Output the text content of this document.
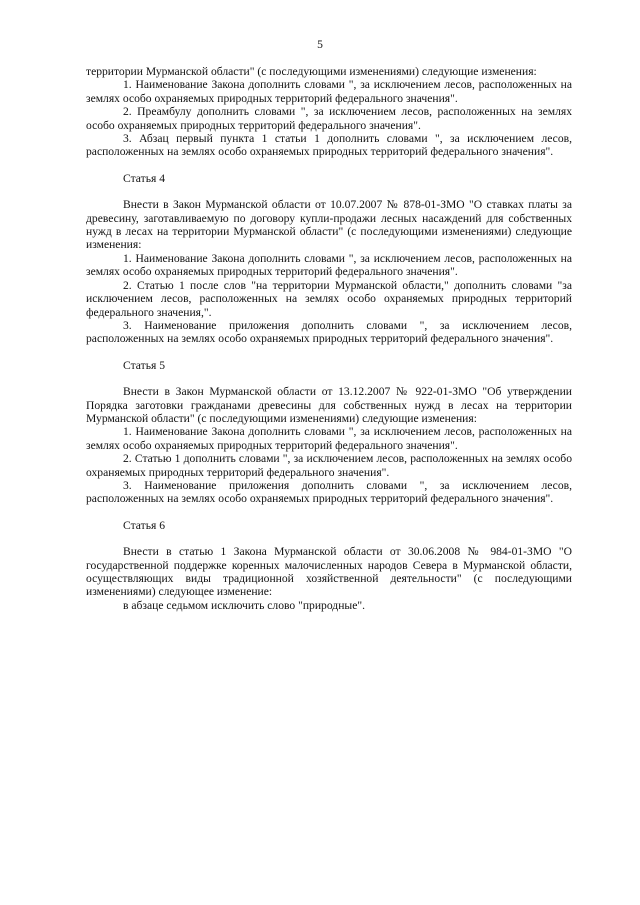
5

территории Мурманской области" (с последующими изменениями) следующие изменения:

1. Наименование Закона дополнить словами ", за исключением лесов, расположенных на землях особо охраняемых природных территорий федерального значения".

2. Преамбулу дополнить словами ", за исключением лесов, расположенных на землях особо охраняемых природных территорий федерального значения".

3. Абзац первый пункта 1 статьи 1 дополнить словами ", за исключением лесов, расположенных на землях особо охраняемых природных территорий федерального значения".

Статья 4

Внести в Закон Мурманской области от 10.07.2007 № 878-01-ЗМО "О ставках платы за древесину, заготавливаемую по договору купли-продажи лесных насаждений для собственных нужд в лесах на территории Мурманской области" (с последующими изменениями) следующие изменения:

1. Наименование Закона дополнить словами ", за исключением лесов, расположенных на землях особо охраняемых природных территорий федерального значения".

2. Статью 1 после слов "на территории Мурманской области," дополнить словами "за исключением лесов, расположенных на землях особо охраняемых природных территорий федерального значения,".

3. Наименование приложения дополнить словами ", за исключением лесов, расположенных на землях особо охраняемых природных территорий федерального значения".

Статья 5

Внести в Закон Мурманской области от 13.12.2007 № 922-01-ЗМО "Об утверждении Порядка заготовки гражданами древесины для собственных нужд в лесах на территории Мурманской области" (с последующими изменениями) следующие изменения:

1. Наименование Закона дополнить словами ", за исключением лесов, расположенных на землях особо охраняемых природных территорий федерального значения".

2. Статью 1 дополнить словами ", за исключением лесов, расположенных на землях особо охраняемых природных территорий федерального значения".

3. Наименование приложения дополнить словами ", за исключением лесов, расположенных на землях особо охраняемых природных территорий федерального значения".

Статья 6

Внести в статью 1 Закона Мурманской области от 30.06.2008 № 984-01-ЗМО "О государственной поддержке коренных малочисленных народов Севера в Мурманской области, осуществляющих виды традиционной хозяйственной деятельности" (с последующими изменениями) следующее изменение:

в абзаце седьмом исключить слово "природные".
